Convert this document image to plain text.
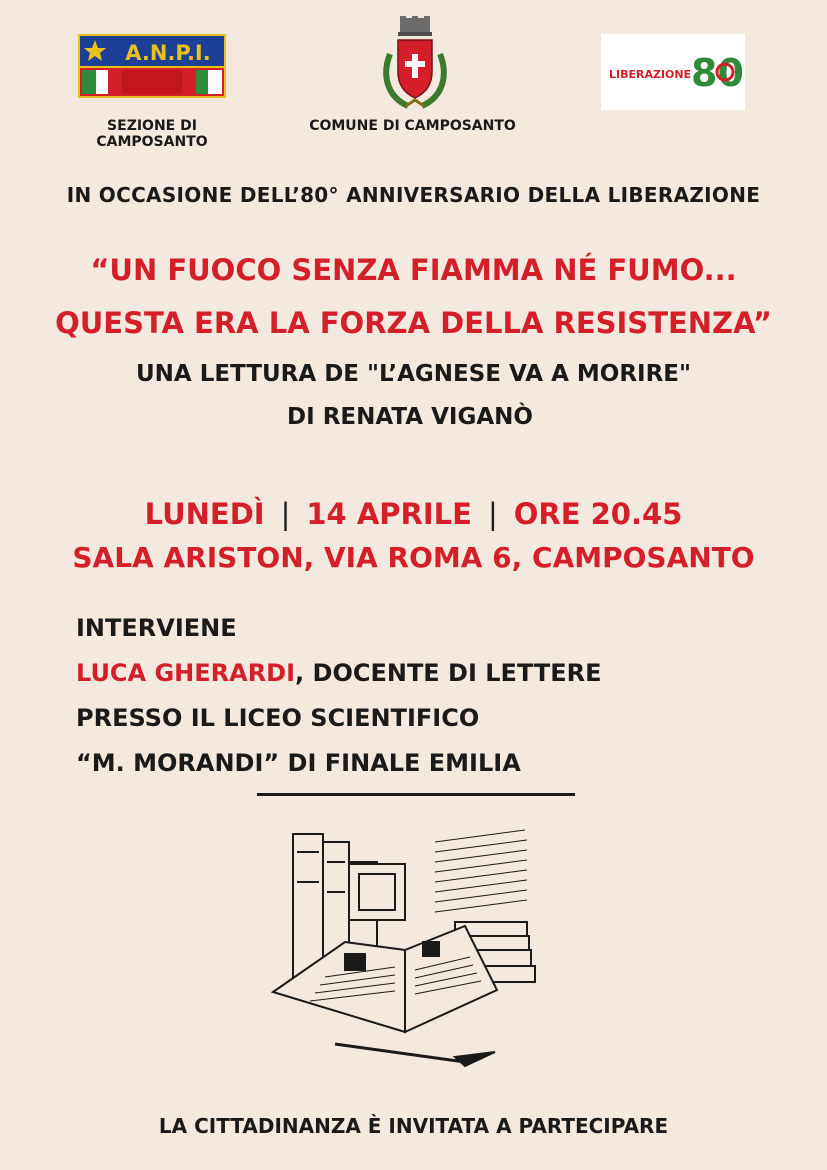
A.N.P.I.
SEZIONE DI CAMPOSANTO
COMUNE DI CAMPOSANTO
LIBERAZIONE 80
IN OCCASIONE DELL’80° ANNIVERSARIO DELLA LIBERAZIONE
“UN FUOCO SENZA FIAMMA NÉ FUMO...
QUESTA ERA LA FORZA DELLA RESISTENZA”
UNA LETTURA DE "L’AGNESE VA A MORIRE"
DI RENATA VIGANÒ
LUNEDÌ | 14 APRILE | ORE 20.45
SALA ARISTON, VIA ROMA 6, CAMPOSANTO
INTERVIENE
LUCA GHERARDI, DOCENTE DI LETTERE
PRESSO IL LICEO SCIENTIFICO
“M. MORANDI” DI FINALE EMILIA
LA CITTADINANZA È INVITATA A PARTECIPARE
